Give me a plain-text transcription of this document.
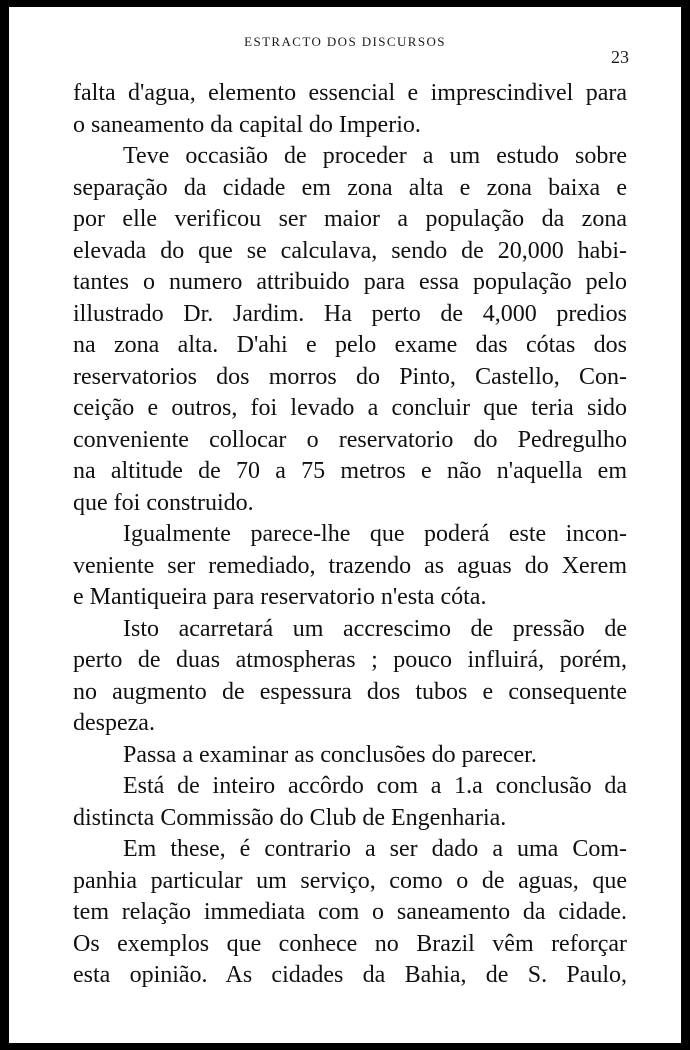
ESTRACTO DOS DISCURSOS
23
falta d'agua, elemento essencial e imprescindivel para
o saneamento da capital do Imperio.
Teve occasião de proceder a um estudo sobre
separação da cidade em zona alta e zona baixa e
por elle verificou ser maior a população da zona
elevada do que se calculava, sendo de 20,000 habi-
tantes o numero attribuido para essa população pelo
illustrado Dr. Jardim. Ha perto de 4,000 predios
na zona alta. D'ahi e pelo exame das cótas dos
reservatorios dos morros do Pinto, Castello, Con-
ceição e outros, foi levado a concluir que teria sido
conveniente collocar o reservatorio do Pedregulho
na altitude de 70 a 75 metros e não n'aquella em
que foi construido.
Igualmente parece-lhe que poderá este incon-
veniente ser remediado, trazendo as aguas do Xerem
e Mantiqueira para reservatorio n'esta cóta.
Isto acarretará um accrescimo de pressão de
perto de duas atmospheras ; pouco influirá, porém,
no augmento de espessura dos tubos e consequente
despeza.
Passa a examinar as conclusões do parecer.
Está de inteiro accôrdo com a 1.a conclusão da
distincta Commissão do Club de Engenharia.
Em these, é contrario a ser dado a uma Com-
panhia particular um serviço, como o de aguas, que
tem relação immediata com o saneamento da cidade.
Os exemplos que conhece no Brazil vêm reforçar
esta opinião. As cidades da Bahia, de S. Paulo,
